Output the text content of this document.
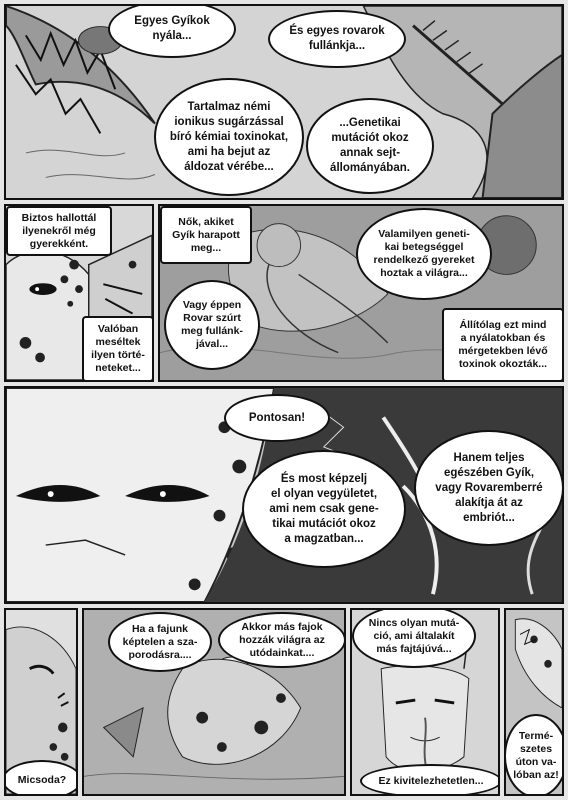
Egyes Gyíkok
nyála...	És egyes rovarok
fullánkja...
Tartalmaz némi
ionikus sugárzással
bíró kémiai toxinokat,
ami ha bejut az
áldozat vérébe...
...Genetikai
mutációt okoz
annak sejt-
állományában.
Biztos hallottál
ilyenekről még
gyerekként.
Valóban
meséltek
ilyen törté-
neteket...
Nők, akiket
Gyík harapott
meg...
Vagy éppen
Rovar szúrt
meg fullánk-
jával...
Valamilyen geneti-
kai betegséggel
rendelkező gyereket
hoztak a világra...
Állítólag ezt mind
a nyálatokban és
mérgetekben lévő
toxinok okozták...
Pontosan!
És most képzelj
el olyan vegyületet,
ami nem csak gene-
tikai mutációt okoz
a magzatban...
Hanem teljes
egészében Gyík,
vagy Rovaremberré
alakítja át az
embriót...
Micsoda?
Ha a fajunk
képtelen a sza-
porodásra....
Akkor más fajok
hozzák világra az
utódainkat....
Nincs olyan mutá-
ció, ami általakít
más fajtájúvá...
Ez kivitelezhetetlen...
Termé-
szetes
úton va-
lóban az!
